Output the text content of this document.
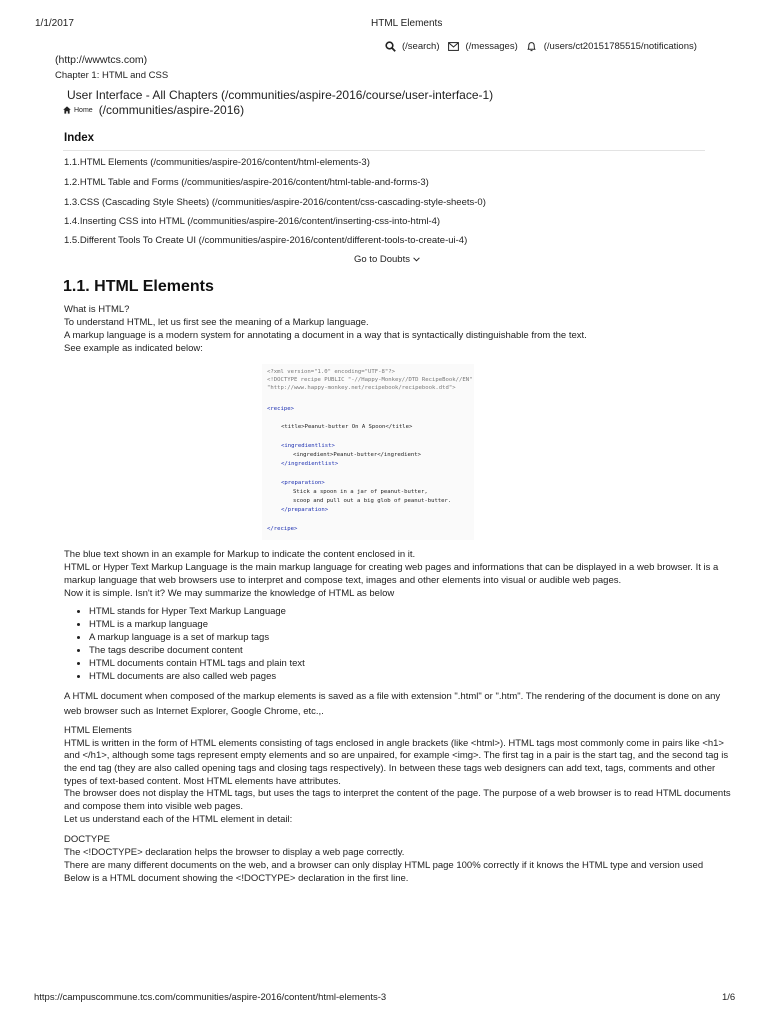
1/1/2017	HTML Elements
(http://wwwtcs.com)
(/search)	(/messages)	(/users/ct20151785515/notifications)
Chapter 1: HTML and CSS
User Interface - All Chapters (/communities/aspire-2016/course/user-interface-1)
Home (/communities/aspire-2016)
Index
1.1.HTML Elements (/communities/aspire-2016/content/html-elements-3)
1.2.HTML Table and Forms (/communities/aspire-2016/content/html-table-and-forms-3)
1.3.CSS (Cascading Style Sheets) (/communities/aspire-2016/content/css-cascading-style-sheets-0)
1.4.Inserting CSS into HTML (/communities/aspire-2016/content/inserting-css-into-html-4)
1.5.Different Tools To Create UI (/communities/aspire-2016/content/different-tools-to-create-ui-4)
Go to Doubts
1.1. HTML Elements
What is HTML?
To understand HTML, let us first see the meaning of a Markup language.
A markup language is a modern system for annotating a document in a way that is syntactically distinguishable from the text.
See example as indicated below:
<?xml version="1.0" encoding="UTF-8"?>
<!DOCTYPE recipe PUBLIC "-//Happy-Monkey//DTD RecipeBook//EN"
"http://www.happy-monkey.net/recipebook/recipebook.dtd">
<recipe>
<title>Peanut-butter On A Spoon</title>
<ingredientlist>
<ingredient>Peanut-butter</ingredient>
</ingredientlist>
<preparation>
Stick a spoon in a jar of peanut-butter,
scoop and pull out a big glob of peanut-butter.
</preparation>
</recipe>
The blue text shown in an example for Markup to indicate the content enclosed in it.
HTML or Hyper Text Markup Language is the main markup language for creating web pages and informations that can be displayed in a web browser. It is a
markup language that web browsers use to interpret and compose text, images and other elements into visual or audible web pages.
Now it is simple. Isn't it? We may summarize the knowledge of HTML as below
HTML stands for Hyper Text Markup Language
HTML is a markup language
A markup language is a set of markup tags
The tags describe document content
HTML documents contain HTML tags and plain text
HTML documents are also called web pages
A HTML document when composed of the markup elements is saved as a file with extension ".html" or ".htm". The rendering of the document is done on any
web browser such as Internet Explorer, Google Chrome, etc.,.
HTML Elements
HTML is written in the form of HTML elements consisting of tags enclosed in angle brackets (like <html>). HTML tags most commonly come in pairs like <h1>
and </h1>, although some tags represent empty elements and so are unpaired, for example <img>. The first tag in a pair is the start tag, and the second tag is
the end tag (they are also called opening tags and closing tags respectively). In between these tags web designers can add text, tags, comments and other
types of text-based content. Most HTML elements have attributes.
The browser does not display the HTML tags, but uses the tags to interpret the content of the page. The purpose of a web browser is to read HTML documents
and compose them into visible web pages.
Let us understand each of the HTML element in detail:
DOCTYPE
The <!DOCTYPE> declaration helps the browser to display a web page correctly.
There are many different documents on the web, and a browser can only display HTML page 100% correctly if it knows the HTML type and version used
Below is a HTML document showing the <!DOCTYPE> declaration in the first line.
https://campuscommune.tcs.com/communities/aspire-2016/content/html-elements-3	1/6
